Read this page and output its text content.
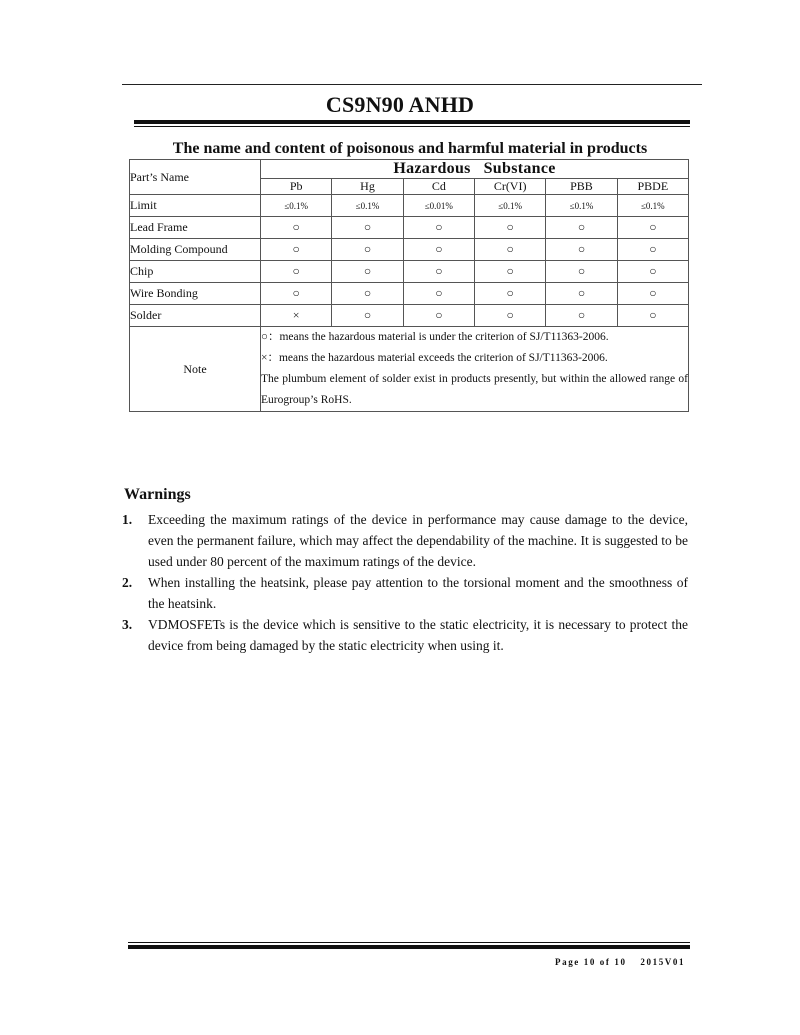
CS9N90 ANHD
The name and content of poisonous and harmful material in products
Part’s Name	Hazardous   Substance					
	Pb	Hg	Cd	Cr(VI)	PBB	PBDE
Limit	≤0.1%	≤0.1%	≤0.01%	≤0.1%	≤0.1%	≤0.1%
Lead Frame	○	○	○	○	○	○
Molding Compound	○	○	○	○	○	○
Chip	○	○	○	○	○	○
Wire Bonding	○	○	○	○	○	○
Solder	×	○	○	○	○	○
Note	○：means the hazardous material is under the criterion of SJ/T11363-2006.
×：means the hazardous material exceeds the criterion of SJ/T11363-2006.
The plumbum element of solder exist in products presently, but within the allowed range of Eurogroup’s RoHS.					
Warnings
1.	Exceeding the maximum ratings of the device in performance may cause damage to the device, even the permanent failure, which may affect the dependability of the machine. It is suggested to be used under 80 percent of the maximum ratings of the device.
2.	When installing the heatsink, please pay attention to the torsional moment and the smoothness of the heatsink.
3.	VDMOSFETs is the device which is sensitive to the static electricity, it is necessary to protect the device from being damaged by the static electricity when using it.
Page 10 of 10 2015V01
